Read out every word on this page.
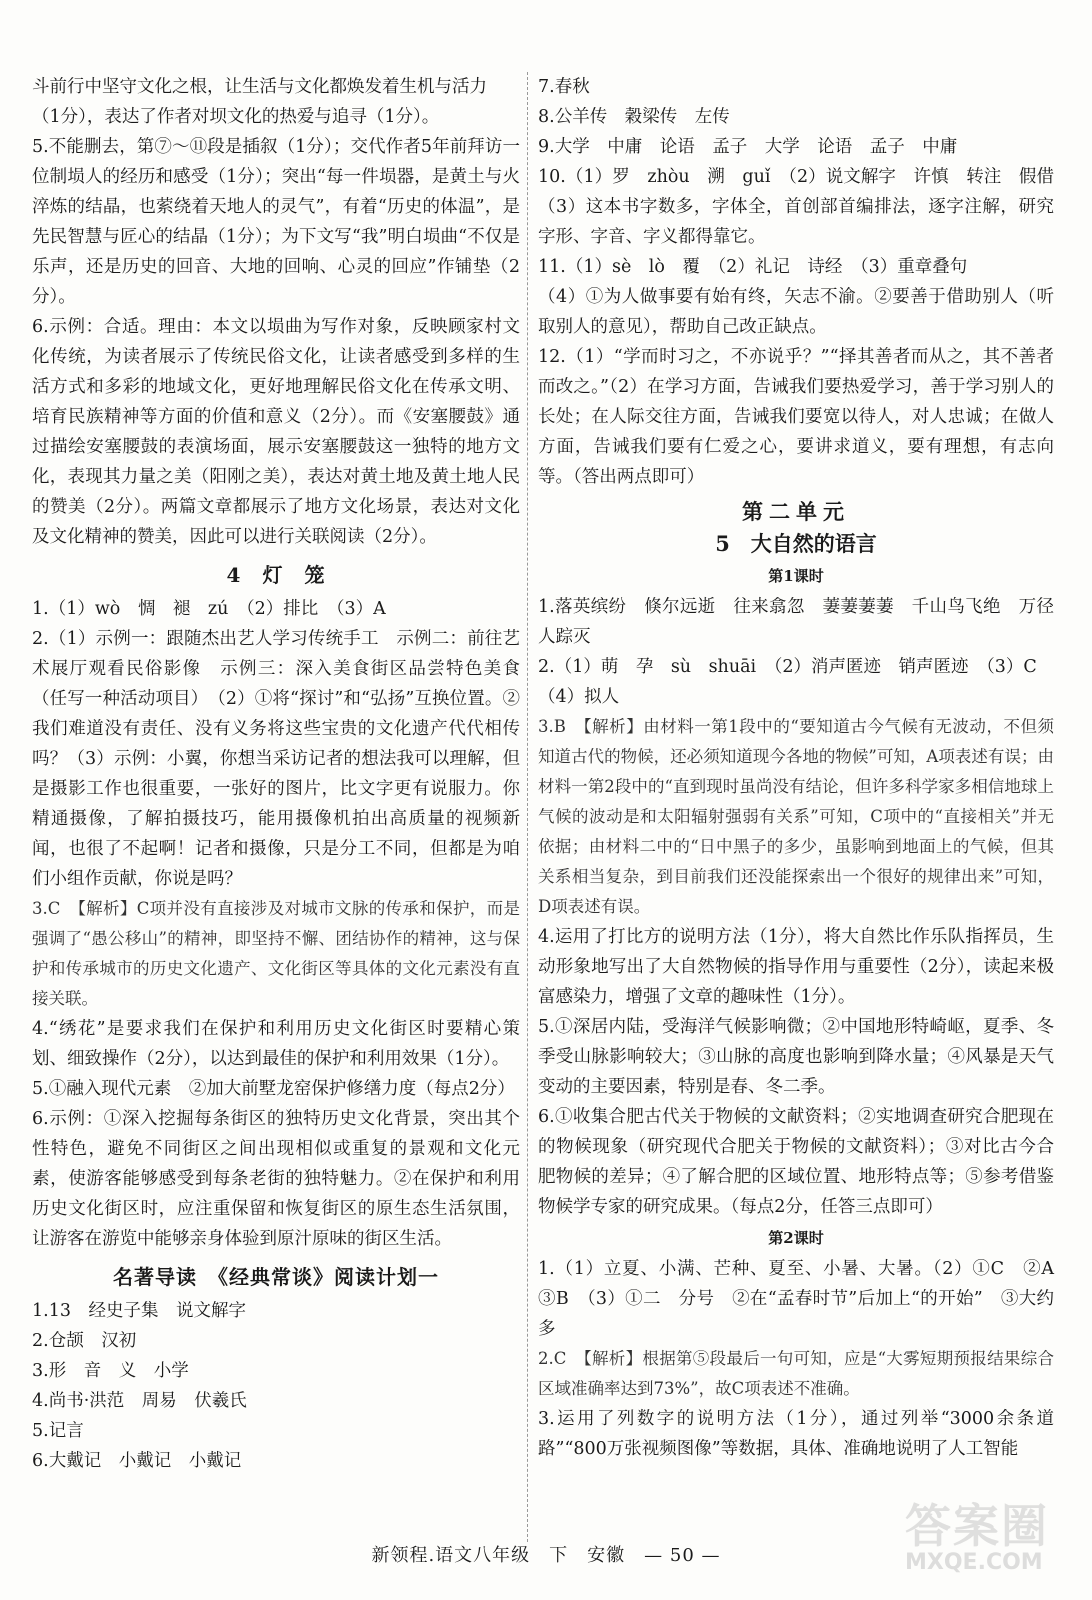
斗前行中坚守文化之根，让生活与文化都焕发着生机与活力

（1分），表达了作者对坝文化的热爱与追寻（1分）。

5.不能删去，第⑦～⑪段是插叙（1分）；交代作者5年前拜访一位制埙人的经历和感受（1分）；突出“每一件埙器，是黄土与火淬炼的结晶，也萦绕着天地人的灵气”，有着“历史的体温”，是先民智慧与匠心的结晶（1分）；为下文写“我”明白埙曲“不仅是乐声，还是历史的回音、大地的回响、心灵的回应”作铺垫（2分）。

6.示例：合适。理由：本文以埙曲为写作对象，反映顾家村文化传统，为读者展示了传统民俗文化，让读者感受到多样的生活方式和多彩的地域文化，更好地理解民俗文化在传承文明、培育民族精神等方面的价值和意义（2分）。而《安塞腰鼓》通过描绘安塞腰鼓的表演场面，展示安塞腰鼓这一独特的地方文化，表现其力量之美（阳刚之美），表达对黄土地及黄土地人民的赞美（2分）。两篇文章都展示了地方文化场景，表达对文化及文化精神的赞美，因此可以进行关联阅读（2分）。

4　灯　笼

1.（1）wò　惆　褪　zú　（2）排比　（3）A

2.（1）示例一：跟随杰出艺人学习传统手工　示例二：前往艺术展厅观看民俗影像　示例三：深入美食街区品尝特色美食（任写一种活动项目）　（2）①将“探讨”和“弘扬”互换位置。②我们难道没有责任、没有义务将这些宝贵的文化遗产代代相传吗？（3）示例：小翼，你想当采访记者的想法我可以理解，但是摄影工作也很重要，一张好的图片，比文字更有说服力。你精通摄像，了解拍摄技巧，能用摄像机拍出高质量的视频新闻，也很了不起啊！记者和摄像，只是分工不同，但都是为咱们小组作贡献，你说是吗？

3.C　【解析】C项并没有直接涉及对城市文脉的传承和保护，而是强调了“愚公移山”的精神，即坚持不懈、团结协作的精神，这与保护和传承城市的历史文化遗产、文化街区等具体的文化元素没有直接关联。

4.“绣花”是要求我们在保护和利用历史文化街区时要精心策划、细致操作（2分），以达到最佳的保护和利用效果（1分）。

5.①融入现代元素　②加大前墅龙窑保护修缮力度（每点2分）

6.示例：①深入挖掘每条街区的独特历史文化背景，突出其个性特色，避免不同街区之间出现相似或重复的景观和文化元素，使游客能够感受到每条老街的独特魅力。②在保护和利用历史文化街区时，应注重保留和恢复街区的原生态生活氛围，让游客在游览中能够亲身体验到原汁原味的街区生活。

名著导读　《经典常谈》阅读计划一

1.13　经史子集　说文解字

2.仓颉　汉初

3.形　音　义　小学

4.尚书·洪范　周易　伏羲氏

5.记言

6.大戴记　小戴记　小戴记

7.春秋

8.公羊传　穀梁传　左传

9.大学　中庸　论语　孟子　大学　论语　孟子　中庸

10.（1）罗　zhòu　溯　guǐ　（2）说文解字　许慎　转注　假借　（3）这本书字数多，字体全，首创部首编排法，逐字注解，研究字形、字音、字义都得靠它。

11.（1）sè　lò　覆　（2）礼记　诗经　（3）重章叠句

（4）①为人做事要有始有终，矢志不渝。②要善于借助别人（听取别人的意见），帮助自己改正缺点。

12.（1）“学而时习之，不亦说乎？”“择其善者而从之，其不善者而改之。”（2）在学习方面，告诫我们要热爱学习，善于学习别人的长处；在人际交往方面，告诫我们要宽以待人，对人忠诚；在做人方面，告诫我们要有仁爱之心，要讲求道义，要有理想，有志向等。（答出两点即可）

第二单元

5　大自然的语言

第1课时

1.落英缤纷　倏尔远逝　往来翕忽　萋萋萋萋　千山鸟飞绝　万径人踪灭

2.（1）萌　孕　sù　shuāi　（2）消声匿迹　销声匿迹　（3）C

（4）拟人

3.B　【解析】由材料一第1段中的“要知道古今气候有无波动，不但须知道古代的物候，还必须知道现今各地的物候”可知，A项表述有误；由材料一第2段中的“直到现时虽尚没有结论，但许多科学家多相信地球上气候的波动是和太阳辐射强弱有关系”可知，C项中的“直接相关”并无依据；由材料二中的“日中黑子的多少，虽影响到地面上的气候，但其关系相当复杂，到目前我们还没能探索出一个很好的规律出来”可知，D项表述有误。

4.运用了打比方的说明方法（1分），将大自然比作乐队指挥员，生动形象地写出了大自然物候的指导作用与重要性（2分），读起来极富感染力，增强了文章的趣味性（1分）。

5.①深居内陆，受海洋气候影响微；②中国地形特崎岖，夏季、冬季受山脉影响较大；③山脉的高度也影响到降水量；④风暴是天气变动的主要因素，特别是春、冬二季。

6.①收集合肥古代关于物候的文献资料；②实地调查研究合肥现在的物候现象（研究现代合肥关于物候的文献资料）；③对比古今合肥物候的差异；④了解合肥的区域位置、地形特点等；⑤参考借鉴物候学专家的研究成果。（每点2分，任答三点即可）

第2课时

1.（1）立夏、小满、芒种、夏至、小暑、大暑。（2）①C　②A　③B　（3）①二　分号　②在“孟春时节”后加上“的开始”　③大约　多

2.C　【解析】根据第⑤段最后一句可知，应是“大雾短期预报结果综合区域准确率达到73%”，故C项表述不准确。

3.运用了列数字的说明方法（1分），通过列举“3000余条道路”“800万张视频图像”等数据，具体、准确地说明了人工智能

新领程.语文八年级　下　安徽　— 50 —
答案圈
MXQE.COM
